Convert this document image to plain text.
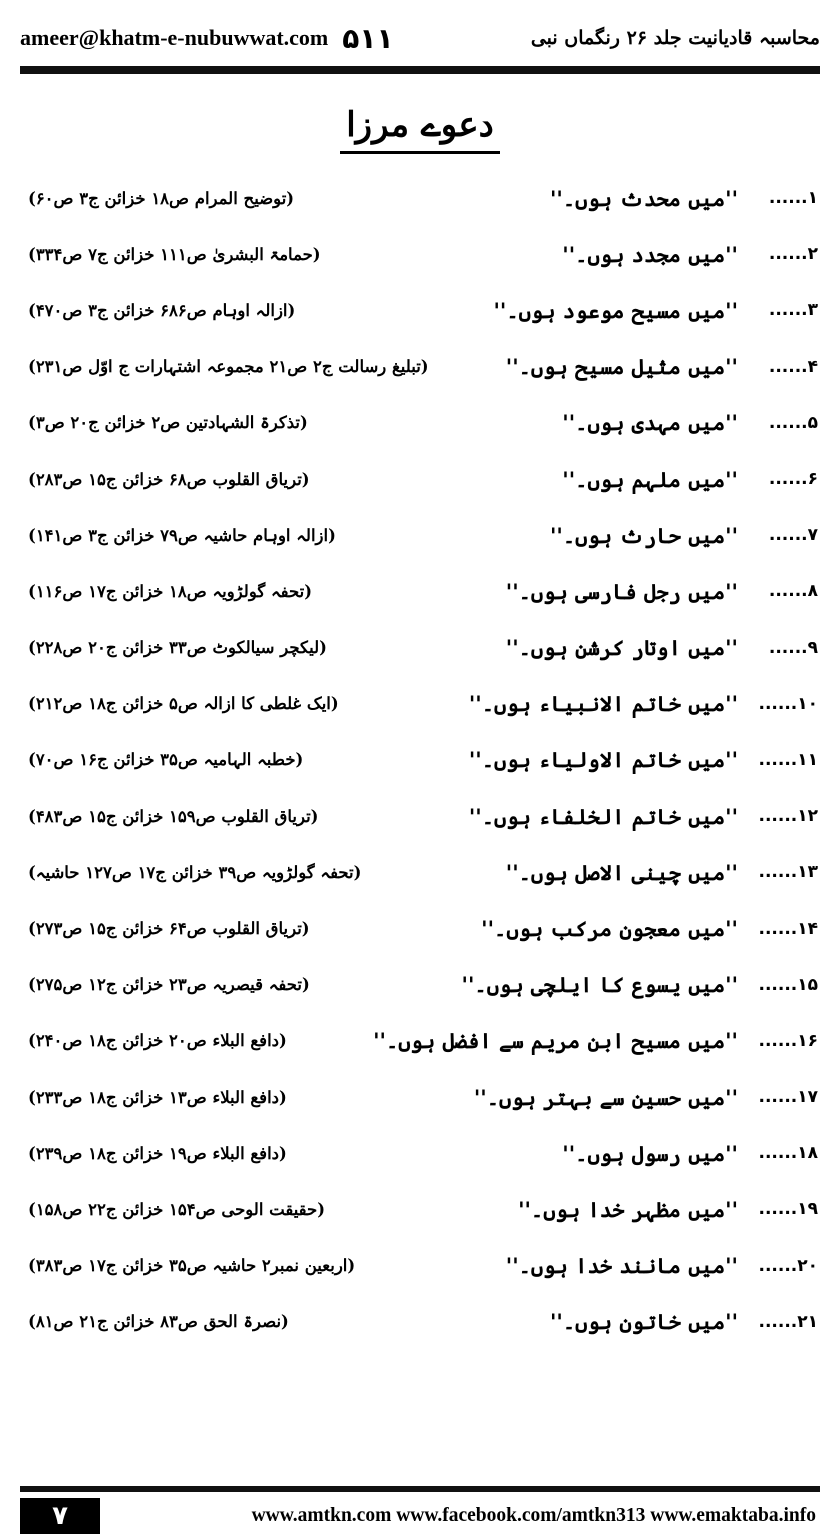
ameer@khatm-e-nubuwwat.com ۵۱۱	محاسبہ قادیانیت جلد ۲۶ رنگماں نبی
دعوے مرزا
۱......
''میں محدث ہوں۔''
(توضیح المرام ص۱۸ خزائن ج۳ ص۶۰)
۲......
''میں مجدد ہوں۔''
(حمامۃ البشریٰ ص۱۱۱ خزائن ج۷ ص۳۳۴)
۳......
''میں مسیح موعود ہوں۔''
(ازالہ اوہام ص۶۸۶ خزائن ج۳ ص۴۷۰)
۴......
''میں مثیل مسیح ہوں۔''
(تبلیغ رسالت ج۲ ص۲۱ مجموعہ اشتہارات ج اوّل ص۲۳۱)
۵......
''میں مہدی ہوں۔''
(تذکرۃ الشہادتین ص۲ خزائن ج۲۰ ص۳)
۶......
''میں ملہم ہوں۔''
(تریاق القلوب ص۶۸ خزائن ج۱۵ ص۲۸۳)
۷......
''میں حارث ہوں۔''
(ازالہ اوہام حاشیہ ص۷۹ خزائن ج۳ ص۱۴۱)
۸......
''میں رجل فارسی ہوں۔''
(تحفہ گولڑویہ ص۱۸ خزائن ج۱۷ ص۱۱۶)
۹......
''میں اوتار کرشن ہوں۔''
(لیکچر سیالکوٹ ص۳۳ خزائن ج۲۰ ص۲۲۸)
۱۰......
''میں خاتم الانبیاء ہوں۔''
(ایک غلطی کا ازالہ ص۵ خزائن ج۱۸ ص۲۱۲)
۱۱......
''میں خاتم الاولیاء ہوں۔''
(خطبہ الہامیہ ص۳۵ خزائن ج۱۶ ص۷۰)
۱۲......
''میں خاتم الخلفاء ہوں۔''
(تریاق القلوب ص۱۵۹ خزائن ج۱۵ ص۴۸۳)
۱۳......
''میں چینی الاصل ہوں۔''
(تحفہ گولڑویہ ص۳۹ خزائن ج۱۷ ص۱۲۷ حاشیہ)
۱۴......
''میں معجون مرکب ہوں۔''
(تریاق القلوب ص۶۴ خزائن ج۱۵ ص۲۷۳)
۱۵......
''میں یسوع کا ایلچی ہوں۔''
(تحفہ قیصریہ ص۲۳ خزائن ج۱۲ ص۲۷۵)
۱۶......
''میں مسیح ابن مریم سے افضل ہوں۔''
(دافع البلاء ص۲۰ خزائن ج۱۸ ص۲۴۰)
۱۷......
''میں حسین سے بہتر ہوں۔''
(دافع البلاء ص۱۳ خزائن ج۱۸ ص۲۳۳)
۱۸......
''میں رسول ہوں۔''
(دافع البلاء ص۱۹ خزائن ج۱۸ ص۲۳۹)
۱۹......
''میں مظہر خدا ہوں۔''
(حقیقت الوحی ص۱۵۴ خزائن ج۲۲ ص۱۵۸)
۲۰......
''میں مانند خدا ہوں۔''
(اربعین نمبر۲ حاشیہ ص۳۵ خزائن ج۱۷ ص۳۸۳)
۲۱......
''میں خاتون ہوں۔''
(نصرۃ الحق ص۸۳ خزائن ج۲۱ ص۸۱)
۷	www.amtkn.com www.facebook.com/amtkn313 www.emaktaba.info
